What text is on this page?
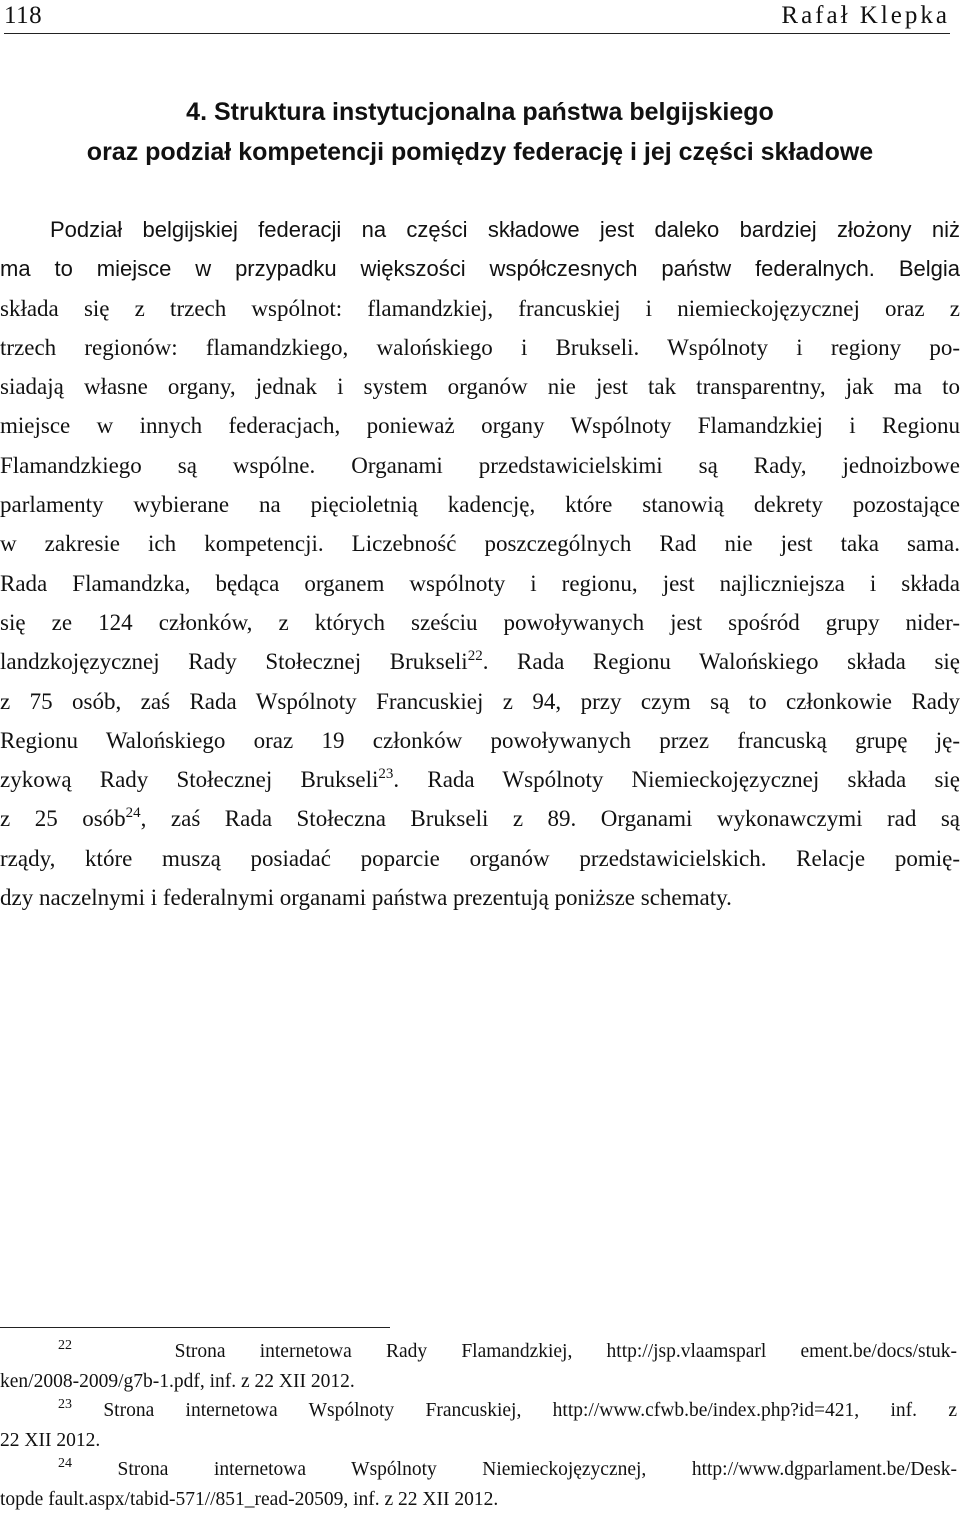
118	Rafał Klepka
4. Struktura instytucjonalna państwa belgijskiego
oraz podział kompetencji pomiędzy federację i jej części składowe
Podział belgijskiej federacji na części składowe jest daleko bardziej złożony niż
ma to miejsce w przypadku większości współczesnych państw federalnych. Belgia
składa się z trzech wspólnot: flamandzkiej, francuskiej i niemieckojęzycznej oraz z
trzech regionów: flamandzkiego, walońskiego i Brukseli. Wspólnoty i regiony po-
siadają własne organy, jednak i system organów nie jest tak transparentny, jak ma to
miejsce w innych federacjach, ponieważ organy Wspólnoty Flamandzkiej i Regionu
Flamandzkiego są wspólne. Organami przedstawicielskimi są Rady, jednoizbowe
parlamenty wybierane na pięcioletnią kadencję, które stanowią dekrety pozostające
w zakresie ich kompetencji. Liczebność poszczególnych Rad nie jest taka sama.
Rada Flamandzka, będąca organem wspólnoty i regionu, jest najliczniejsza i składa
się ze 124 członków, z których sześciu powoływanych jest spośród grupy nider-
landzkojęzycznej Rady Stołecznej Brukseli$^{22}$. Rada Regionu Walońskiego składa się
z 75 osób, zaś Rada Wspólnoty Francuskiej z 94, przy czym są to członkowie Rady
Regionu Walońskiego oraz 19 członków powoływanych przez francuską grupę ję-
zykową Rady Stołecznej Brukseli$^{23}$. Rada Wspólnoty Niemieckojęzycznej składa się
z 25 osób$^{24}$, zaś Rada Stołeczna Brukseli z 89. Organami wykonawczymi rad są
rządy, które muszą posiadać poparcie organów przedstawicielskich. Relacje pomię-
dzy naczelnymi i federalnymi organami państwa prezentują poniższe schematy.
$^{22}$	Strona internetowa Rady Flamandzkiej, http://jsp.vlaamsparl ement.be/docs/stuk-
ken/2008-2009/g7b-1.pdf, inf. z 22 XII 2012.
$^{23}$ Strona internetowa Wspólnoty Francuskiej, http://www.cfwb.be/index.php?id=421, inf. z
22 XII 2012.
$^{24}$ Strona internetowa Wspólnoty Niemieckojęzycznej, http://www.dgparlament.be/Desk-
topde fault.aspx/tabid-571//851_read-20509, inf. z 22 XII 2012.
